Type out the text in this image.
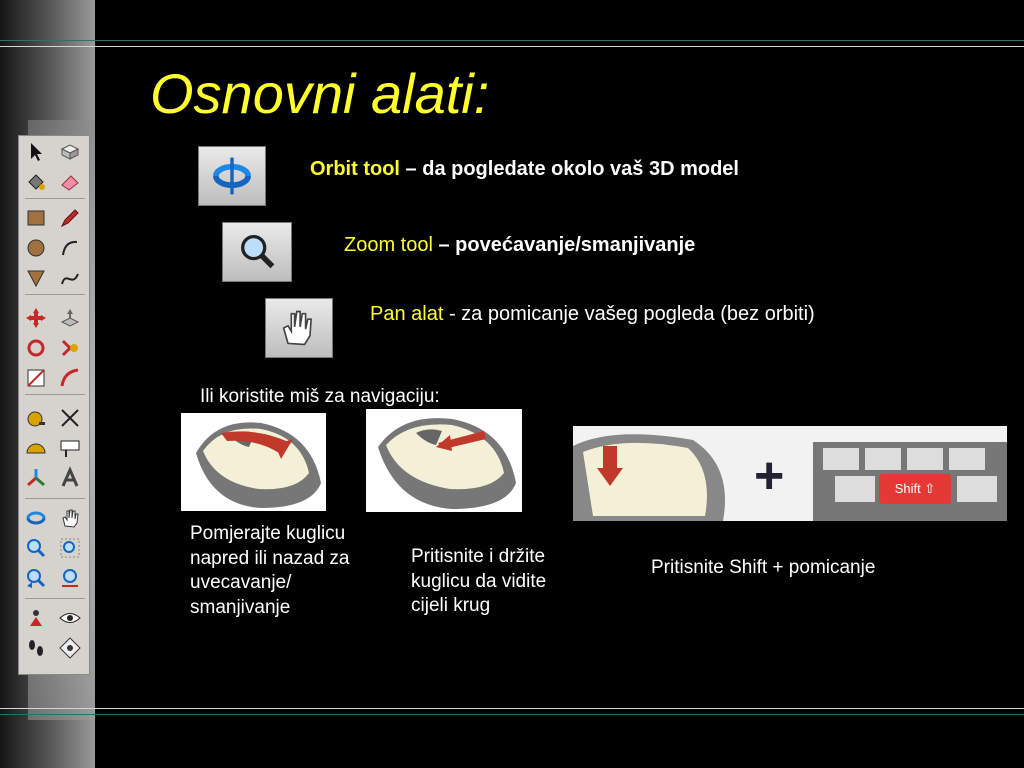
Osnovni alati:
Orbit tool – da pogledate okolo vaš 3D model
Zoom tool – povećavanje/smanjivanje
Pan alat - za pomicanje vašeg pogleda (bez orbiti)
Ili koristite miš za navigaciju:
+	Shift ⇧
Pomjerajte kuglicu napred ili nazad za uvecavanje/ smanjivanje
Pritisnite i držite kuglicu da vidite cijeli krug
Pritisnite Shift + pomicanje
